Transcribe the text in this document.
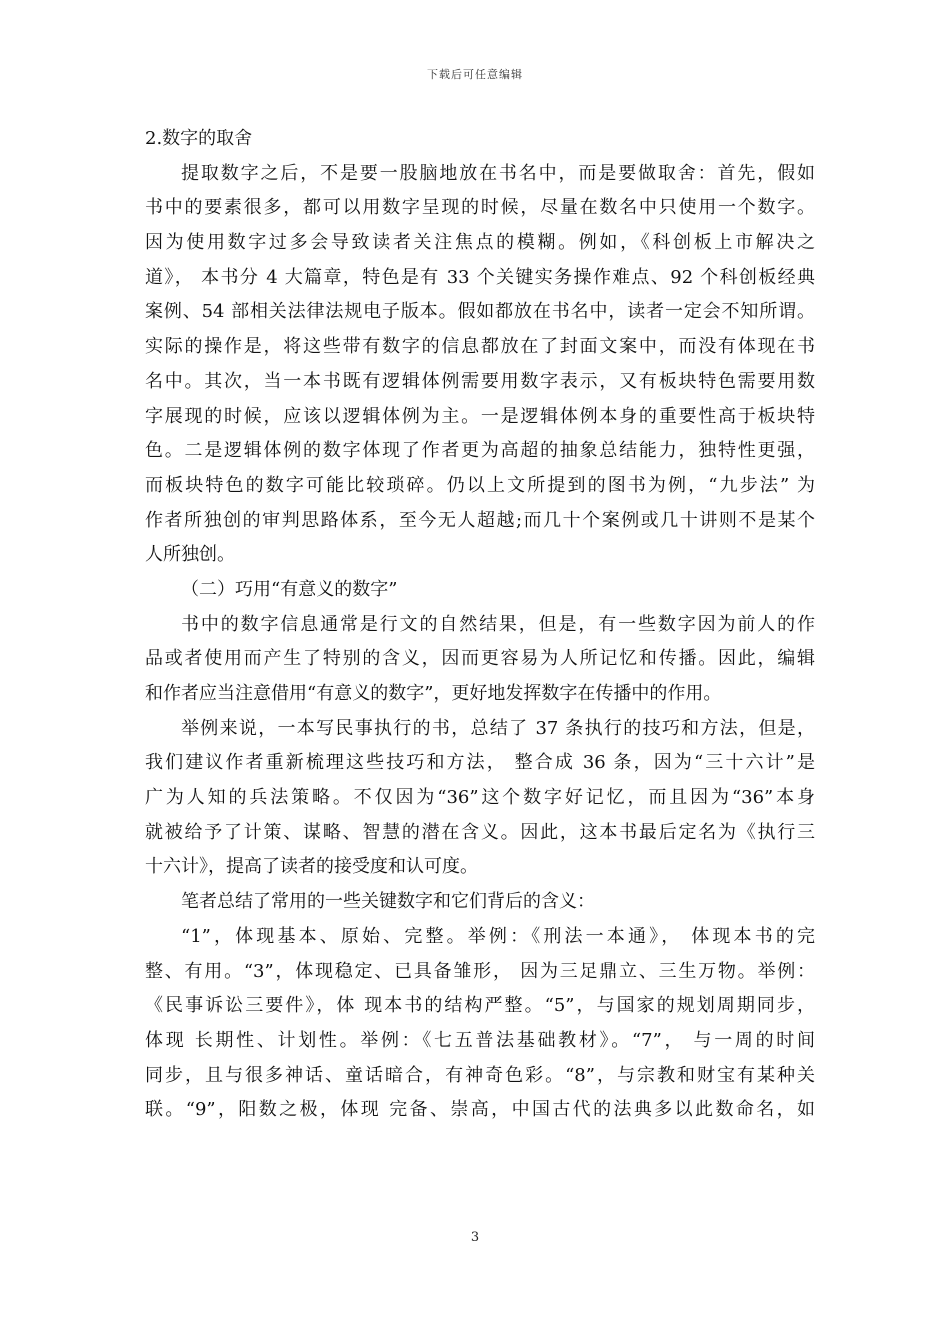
下载后可任意编辑
2.数字的取舍
提取数字之后，不是要一股脑地放在书名中，而是要做取舍：首先，假如
书中的要素很多，都可以用数字呈现的时候，尽量在数名中只使用一个数字。
因为使用数字过多会导致读者关注焦点的模糊。例如，《科创板上市解决之
道》， 本书分 4 大篇章，特色是有 33 个关键实务操作难点、92 个科创板经典
案例、54 部相关法律法规电子版本。假如都放在书名中，读者一定会不知所谓。
实际的操作是，将这些带有数字的信息都放在了封面文案中，而没有体现在书
名中。其次，当一本书既有逻辑体例需要用数字表示，又有板块特色需要用数
字展现的时候，应该以逻辑体例为主。一是逻辑体例本身的重要性高于板块特
色。二是逻辑体例的数字体现了作者更为高超的抽象总结能力，独特性更强，
而板块特色的数字可能比较琐碎。仍以上文所提到的图书为例，“九步法” 为
作者所独创的审判思路体系，至今无人超越;而几十个案例或几十讲则不是某个
人所独创。
（二）巧用“有意义的数字”
书中的数字信息通常是行文的自然结果，但是，有一些数字因为前人的作
品或者使用而产生了特别的含义，因而更容易为人所记忆和传播。因此，编辑
和作者应当注意借用“有意义的数字”，更好地发挥数字在传播中的作用。
举例来说，一本写民事执行的书，总结了 37 条执行的技巧和方法，但是，
我们建议作者重新梳理这些技巧和方法， 整合成 36 条，因为“三十六计”是
广为人知的兵法策略。不仅因为“36”这个数字好记忆，而且因为“36”本身
就被给予了计策、谋略、智慧的潜在含义。因此，这本书最后定名为《执行三
十六计》，提高了读者的接受度和认可度。
笔者总结了常用的一些关键数字和它们背后的含义：
“1”，体现基本、原始、完整。举例：《刑法一本通》， 体现本书的完
整、有用。“3”，体现稳定、已具备雏形， 因为三足鼎立、三生万物。举例：
《民事诉讼三要件》，体 现本书的结构严整。“5”，与国家的规划周期同步，
体现 长期性、计划性。举例：《七五普法基础教材》。“7”， 与一周的时间
同步，且与很多神话、童话暗合，有神奇色彩。“8”，与宗教和财宝有某种关
联。“9”，阳数之极，体现 完备、崇高，中国古代的法典多以此数命名，如
3
